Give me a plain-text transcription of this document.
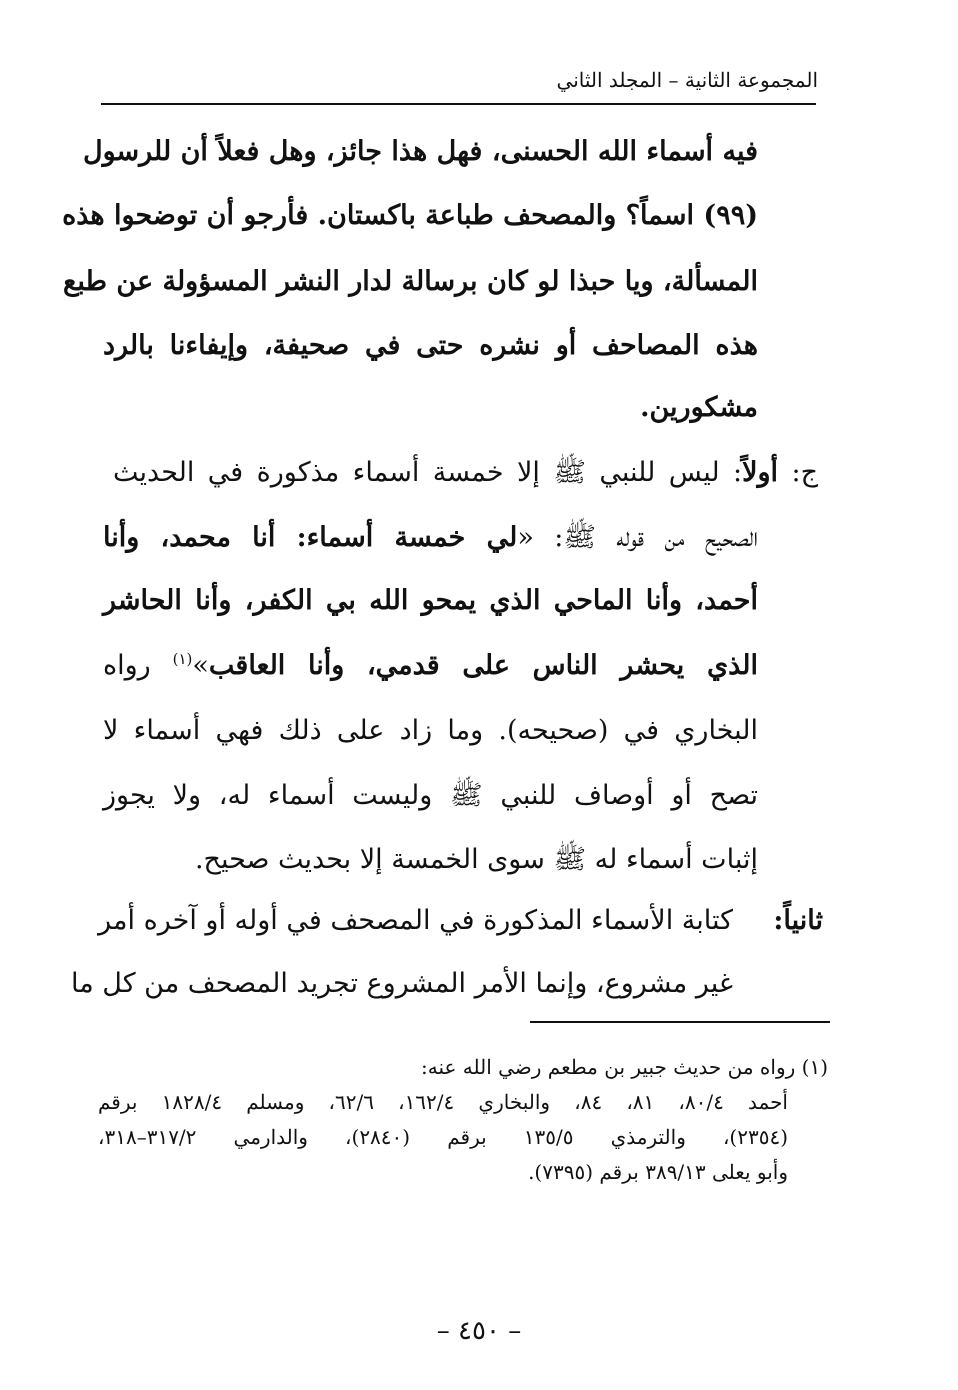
المجموعة الثانية – المجلد الثاني
فيه أسماء الله الحسنى، فهل هذا جائز، وهل فعلاً أن للرسول
(٩٩) اسماً؟ والمصحف طباعة باكستان. فأرجو أن توضحوا هذه
المسألة، ويا حبذا لو كان برسالة لدار النشر المسؤولة عن طبع
هذه المصاحف أو نشره حتى في صحيفة، وإيفاءنا بالرد
مشكورين.
ج: أولاً: ليس للنبي ﷺ إلا خمسة أسماء مذكورة في الحديث
الصحيح من قوله ﷺ: «لي خمسة أسماء: أنا محمد، وأنا
أحمد، وأنا الماحي الذي يمحو الله بي الكفر، وأنا الحاشر
الذي يحشر الناس على قدمي، وأنا العاقب»$^{(١)}$ رواه
البخاري في (صحيحه). وما زاد على ذلك فهي أسماء لا
تصح أو أوصاف للنبي ﷺ وليست أسماء له، ولا يجوز
إثبات أسماء له ﷺ سوى الخمسة إلا بحديث صحيح.
ثانياً:
كتابة الأسماء المذكورة في المصحف في أوله أو آخره أمر
غير مشروع، وإنما الأمر المشروع تجريد المصحف من كل ما
(١) رواه من حديث جبير بن مطعم رضي الله عنه:
أحمد ٨٠/٤، ٨١، ٨٤، والبخاري ١٦٢/٤، ٦٢/٦، ومسلم ١٨٢٨/٤ برقم
(٢٣٥٤)، والترمذي ١٣٥/٥ برقم (٢٨٤٠)، والدارمي ٣١٧/٢–٣١٨،
وأبو يعلى ٣٨٩/١٣ برقم (٧٣٩٥).
– ٤٥٠ –
